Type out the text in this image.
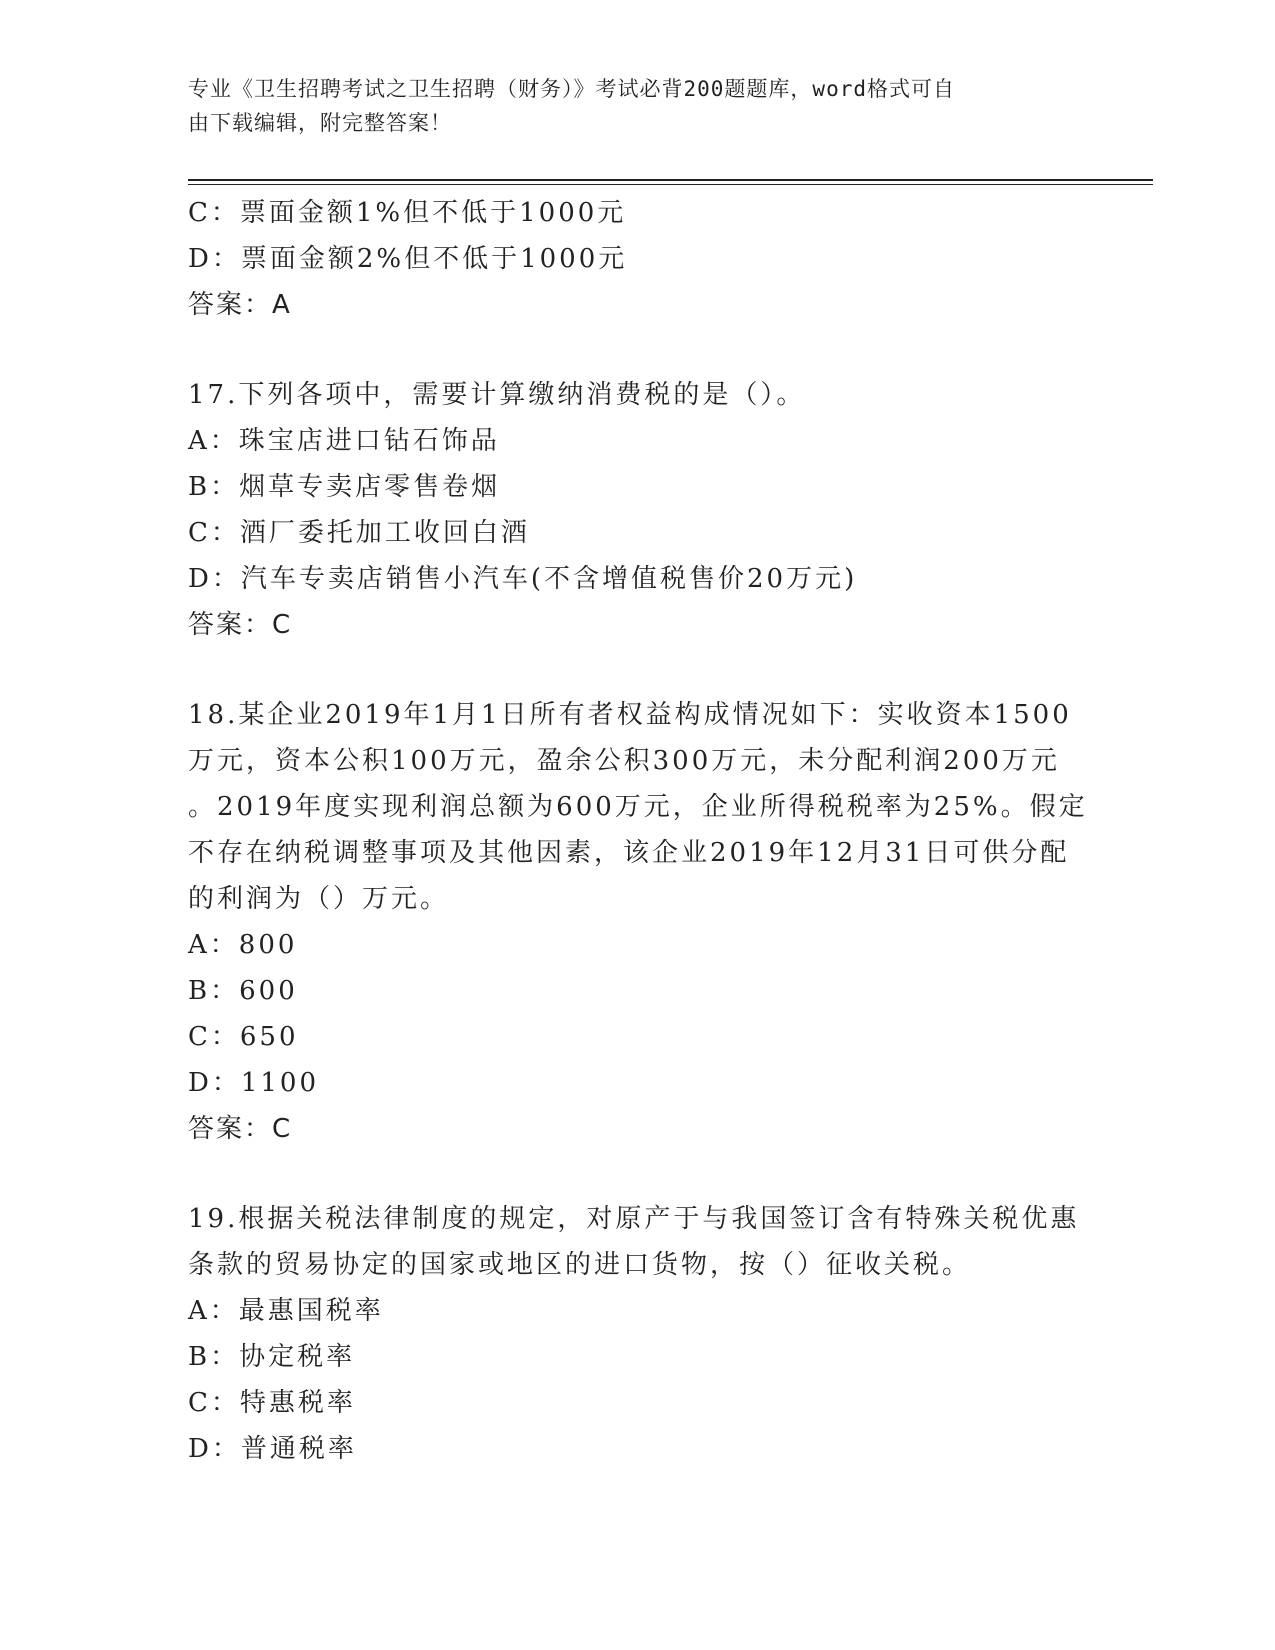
专业《卫生招聘考试之卫生招聘（财务）》考试必背200题题库，word格式可自
由下载编辑，附完整答案！
C：票面金额1%但不低于1000元
D：票面金额2%但不低于1000元
答案：A
17.下列各项中，需要计算缴纳消费税的是（）。
A：珠宝店进口钻石饰品
B：烟草专卖店零售卷烟
C：酒厂委托加工收回白酒
D：汽车专卖店销售小汽车(不含增值税售价20万元)
答案：C
18.某企业2019年1月1日所有者权益构成情况如下：实收资本1500
万元，资本公积100万元，盈余公积300万元，未分配利润200万元
。2019年度实现利润总额为600万元，企业所得税税率为25%。假定
不存在纳税调整事项及其他因素，该企业2019年12月31日可供分配
的利润为（）万元。
A：800
B：600
C：650
D：1100
答案：C
19.根据关税法律制度的规定，对原产于与我国签订含有特殊关税优惠
条款的贸易协定的国家或地区的进口货物，按（）征收关税。
A：最惠国税率
B：协定税率
C：特惠税率
D：普通税率
